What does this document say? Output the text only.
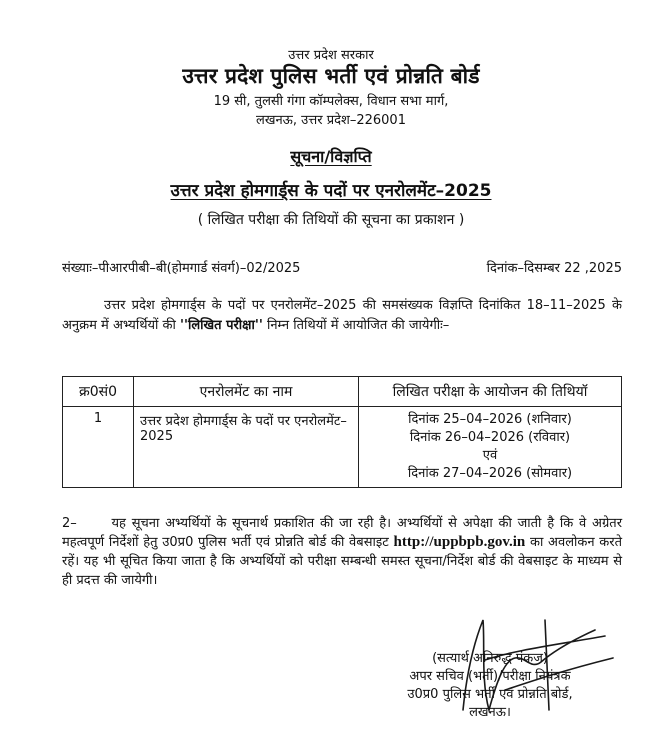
उत्तर प्रदेश सरकार
उत्तर प्रदेश पुलिस भर्ती एवं प्रोन्नति बोर्ड
19 सी, तुलसी गंगा कॉम्पलेक्स, विधान सभा मार्ग,
लखनऊ, उत्तर प्रदेश–226001
सूचना/विज्ञप्ति
उत्तर प्रदेश होमगार्ड्स के पदों पर एनरोलमेंट–2025
( लिखित परीक्षा की तिथियों की सूचना का प्रकाशन )
संख्याः–पीआरपीबी–बी(होमगार्ड संवर्ग)–02/2025	दिनांक–दिसम्बर 22 ,2025
उत्तर प्रदेश होमगार्ड्स के पदों पर एनरोलमेंट–2025 की समसंख्यक विज्ञप्ति दिनांकित 18–11–2025 के अनुक्रम में अभ्यर्थियों की ''लिखित परीक्षा'' निम्न तिथियों में आयोजित की जायेगीः–
क्र0सं0	एनरोलमेंट का नाम	लिखित परीक्षा के आयोजन की तिथियॉ
1	उत्तर प्रदेश होमगार्ड्स के पदों पर एनरोलमेंट–2025	दिनांक 25–04–2026 (शनिवार)
दिनांक 26–04–2026 (रविवार)
एवं
दिनांक 27–04–2026 (सोमवार)
2–	यह सूचना अभ्यर्थियों के सूचनार्थ प्रकाशित की जा रही है। अभ्यर्थियों से अपेक्षा की जाती है कि वे अग्रेतर महत्वपूर्ण निर्देशों हेतु उ0प्र0 पुलिस भर्ती एवं प्रोन्नति बोर्ड की वेबसाइट http://uppbpb.gov.in का अवलोकन करते रहें। यह भी सूचित किया जाता है कि अभ्यर्थियों को परीक्षा सम्बन्धी समस्त सूचना/निर्देश बोर्ड की वेबसाइट के माध्यम से ही प्रदत्त की जायेगी।
(सत्यार्थ अनिरुद्ध पंकज)
अपर सचिव (भर्ती)/परीक्षा नियंत्रक
उ0प्र0 पुलिस भर्ती एवं प्रोन्नति बोर्ड,
लखनऊ।
